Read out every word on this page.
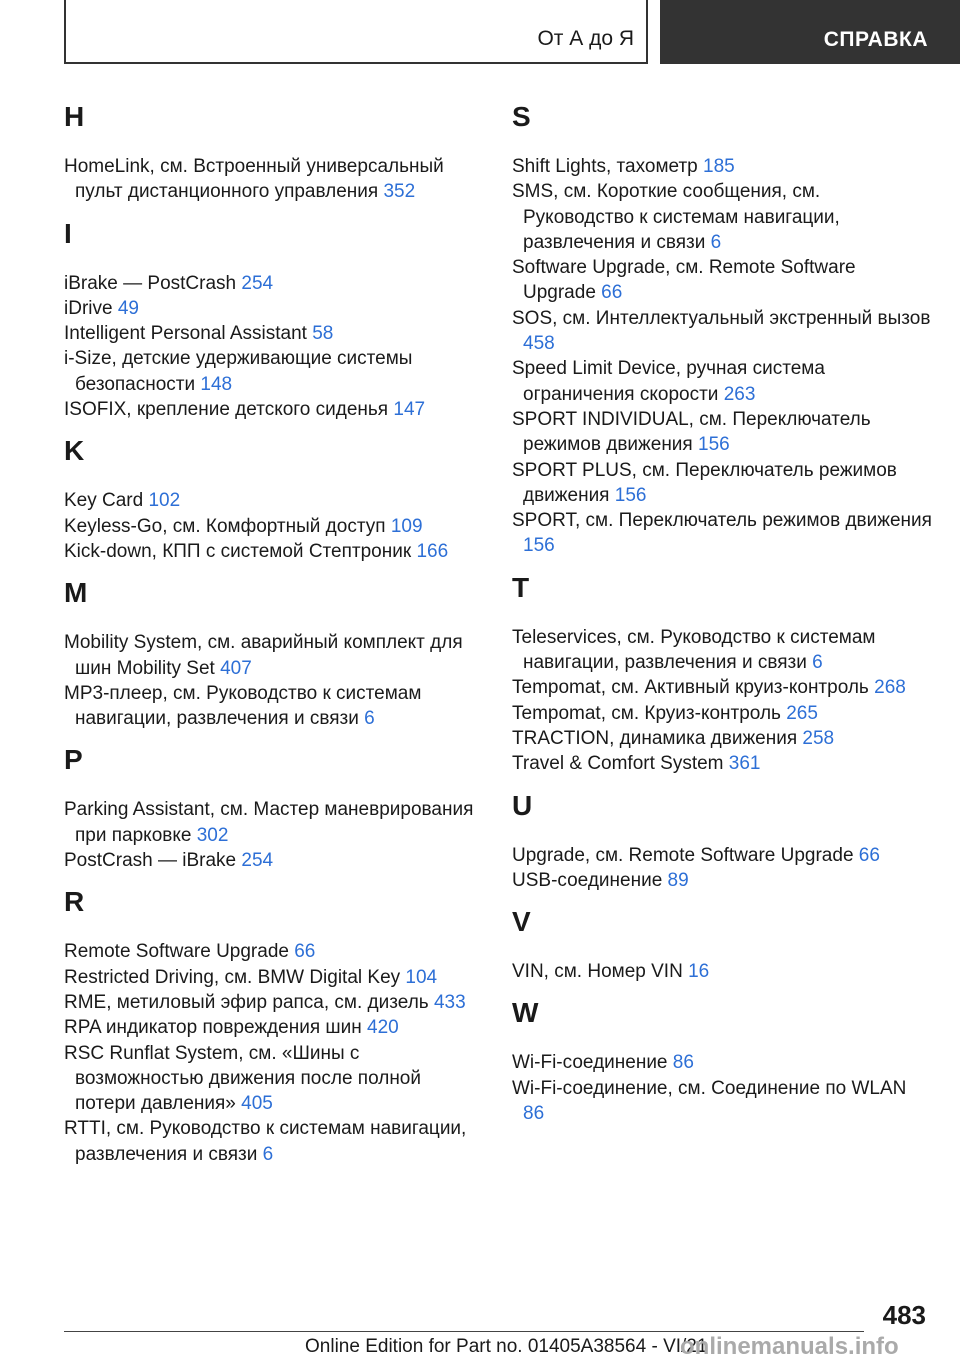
От А до Я	СПРАВКА
H

HomeLink, см. Встроенный универсальный пульт дистанционного управления 352

I

iBrake — PostCrash 254

iDrive 49

Intelligent Personal Assistant 58

i-Size, детские удерживающие системы безопасности 148

ISOFIX, крепление детского сиденья 147

K

Key Card 102

Keyless-Go, см. Комфортный доступ 109

Kick-down, КПП с системой Стептроник 166

M

Mobility System, см. аварийный комплект для шин Mobility Set 407

MP3-плеер, см. Руководство к системам навигации, развлечения и связи 6

P

Parking Assistant, см. Мастер маневрирования при парковке 302

PostCrash — iBrake 254

R

Remote Software Upgrade 66

Restricted Driving, см. BMW Digital Key 104

RME, метиловый эфир рапса, см. дизель 433

RPA индикатор повреждения шин 420

RSC Runflat System, см. «Шины с возможностью движения после полной потери давления» 405

RTTI, см. Руководство к системам навигации, развлечения и связи 6

S

Shift Lights, тахометр 185

SMS, см. Короткие сообщения, см. Руководство к системам навигации, развлечения и связи 6

Software Upgrade, см. Remote Software Upgrade 66

SOS, см. Интеллектуальный экстренный вызов 458

Speed Limit Device, ручная система ограничения скорости 263

SPORT INDIVIDUAL, см. Переключатель режимов движения 156

SPORT PLUS, см. Переключатель режимов движения 156

SPORT, см. Переключатель режимов движения 156

T

Teleservices, см. Руководство к системам навигации, развлечения и связи 6

Tempomat, см. Активный круиз-контроль 268

Tempomat, см. Круиз-контроль 265

TRACTION, динамика движения 258

Travel & Comfort System 361

U

Upgrade, см. Remote Software Upgrade 66

USB-соединение 89

V

VIN, см. Номер VIN 16

W

Wi-Fi-соединение 86

Wi-Fi-соединение, см. Соединение по WLAN 86

483
Online Edition for Part no. 01405A38564 - VI/21
onlinemanuals.info
